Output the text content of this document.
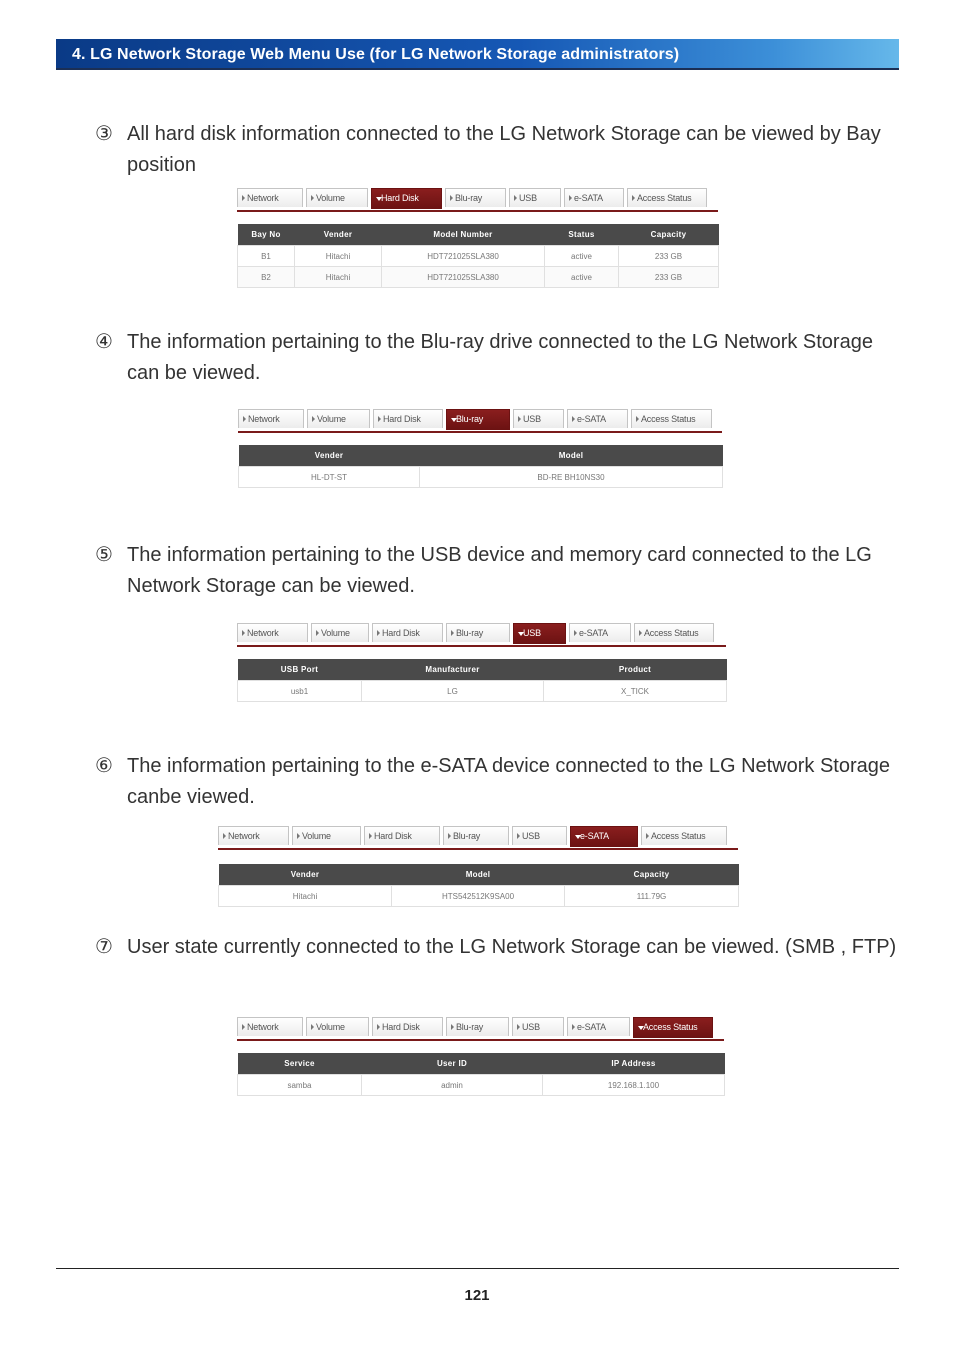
4. LG Network Storage Web Menu Use (for LG Network Storage administrators)
③ All hard disk information connected to the LG Network Storage can be viewed by Bay position
Network	Volume	Hard Disk	Blu-ray	USB	e-SATA	Access Status
Bay No	Vender	Model Number	Status	Capacity
B1	Hitachi	HDT721025SLA380	active	233 GB
B2	Hitachi	HDT721025SLA380	active	233 GB
④ The information pertaining to the Blu-ray drive connected to the LG Network Storage can be viewed.
Network	Volume	Hard Disk	Blu-ray	USB	e-SATA	Access Status
Vender	Model
HL-DT-ST	BD-RE BH10NS30
⑤ The information pertaining to the USB device and memory card connected to the LG Network Storage can be viewed.
Network	Volume	Hard Disk	Blu-ray	USB	e-SATA	Access Status
USB Port	Manufacturer	Product
usb1	LG	X_TICK
⑥ The information pertaining to the e-SATA device connected to the LG Network Storage canbe viewed.
Network	Volume	Hard Disk	Blu-ray	USB	e-SATA	Access Status
Vender	Model	Capacity
Hitachi	HTS542512K9SA00	111.79G
⑦ User state currently connected to the LG Network Storage can be viewed. (SMB , FTP)
Network	Volume	Hard Disk	Blu-ray	USB	e-SATA	Access Status
Service	User ID	IP Address
samba	admin	192.168.1.100
121
